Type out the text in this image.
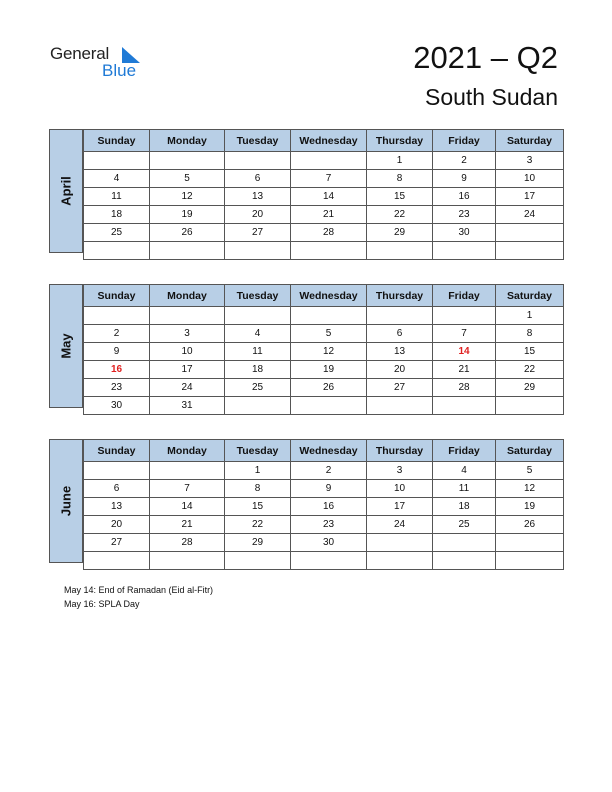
General
Blue	2021 – Q2
South Sudan
April
Sunday	Monday	Tuesday	Wednesday	Thursday	Friday	Saturday
				1	2	3
4	5	6	7	8	9	10
11	12	13	14	15	16	17
18	19	20	21	22	23	24
25	26	27	28	29	30	

May
Sunday	Monday	Tuesday	Wednesday	Thursday	Friday	Saturday
						1
2	3	4	5	6	7	8
9	10	11	12	13	14	15
16	17	18	19	20	21	22
23	24	25	26	27	28	29
30	31					
June
Sunday	Monday	Tuesday	Wednesday	Thursday	Friday	Saturday
		1	2	3	4	5
6	7	8	9	10	11	12
13	14	15	16	17	18	19
20	21	22	23	24	25	26
27	28	29	30			

May 14: End of Ramadan (Eid al-Fitr)
May 16: SPLA Day
